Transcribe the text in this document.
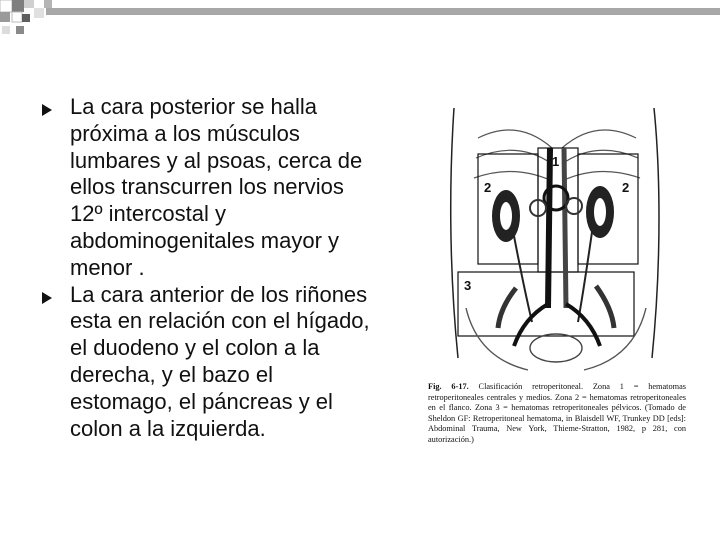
La cara posterior se halla próxima a los músculos lumbares y al psoas, cerca de ellos transcurren los nervios 12º intercostal y abdominogenitales mayor y menor .
La cara anterior de los riñones esta en relación con el hígado, el duodeno y el colon a la derecha, y el bazo el estomago, el páncreas y el colon a la izquierda.
1
2	2
3
Fig. 6-17. Clasificación retroperitoneal. Zona 1 = hematomas retroperitoneales centrales y medios. Zona 2 = hematomas retroperitoneales en el flanco. Zona 3 = hematomas retroperitoneales pélvicos. (Tomado de Sheldon GF: Retroperitoneal hematoma, in Blaisdell WF, Trunkey DD [eds]: Abdominal Trauma, New York, Thieme-Stratton, 1982, p 281, con autorización.)
